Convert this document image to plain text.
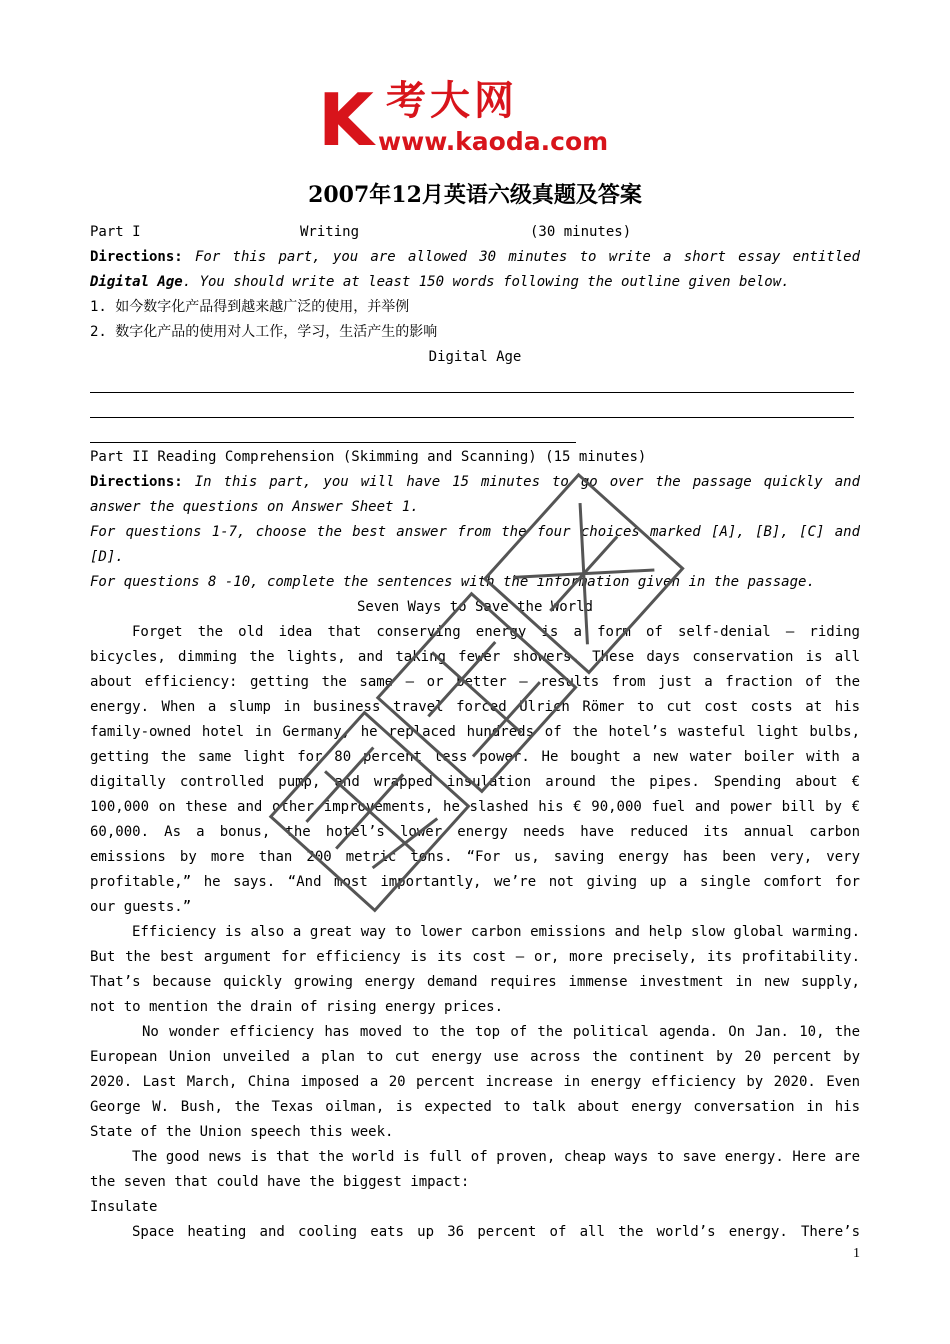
K 考大网
www.kaoda.com
2007年12月英语六级真题及答案
Part I	Writing	(30 minutes)
Directions: For this part, you are allowed 30 minutes to write a short essay entitled
Digital Age. You should write at least 150 words following the outline given below.
1. 如今数字化产品得到越来越广泛的使用，并举例
2. 数字化产品的使用对人工作，学习，生活产生的影响
Digital Age
Part II Reading Comprehension (Skimming and Scanning) (15 minutes)
Directions: In this part, you will have 15 minutes to go over the passage quickly and
answer the questions on Answer Sheet 1.
For questions 1-7, choose the best answer from the four choices marked [A], [B], [C] and
[D].
For questions 8 -10, complete the sentences with the information given in the passage.
Seven Ways to Save the World
Forget the old idea that conserving energy is a form of self-denial — riding
bicycles, dimming the lights, and taking fewer showers. These days conservation is all
about efficiency: getting the same — or better — results from just a fraction of the
energy. When a slump in business travel forced Ulrich Römer to cut cost costs at his
family-owned hotel in Germany, he replaced hundreds of the hotel’s wasteful light bulbs,
getting the same light for 80 percent less power. He bought a new water boiler with a
digitally controlled pump, and wrapped insulation around the pipes. Spending about €
100,000 on these and other improvements, he slashed his € 90,000 fuel and power bill by €
60,000. As a bonus, the hotel’s lower energy needs have reduced its annual carbon
emissions by more than 200 metric tons. “For us, saving energy has been very, very
profitable,” he says. “And most importantly, we’re not giving up a single comfort for
our guests.”
Efficiency is also a great way to lower carbon emissions and help slow global warming.
But the best argument for efficiency is its cost — or, more precisely, its profitability.
That’s because quickly growing energy demand requires immense investment in new supply,
not to mention the drain of rising energy prices.
No wonder efficiency has moved to the top of the political agenda. On Jan. 10, the
European Union unveiled a plan to cut energy use across the continent by 20 percent by
2020. Last March, China imposed a 20 percent increase in energy efficiency by 2020. Even
George W. Bush, the Texas oilman, is expected to talk about energy conversation in his
State of the Union speech this week.
The good news is that the world is full of proven, cheap ways to save energy. Here are
the seven that could have the biggest impact:
Insulate
Space heating and cooling eats up 36 percent of all the world’s energy. There’s
1
